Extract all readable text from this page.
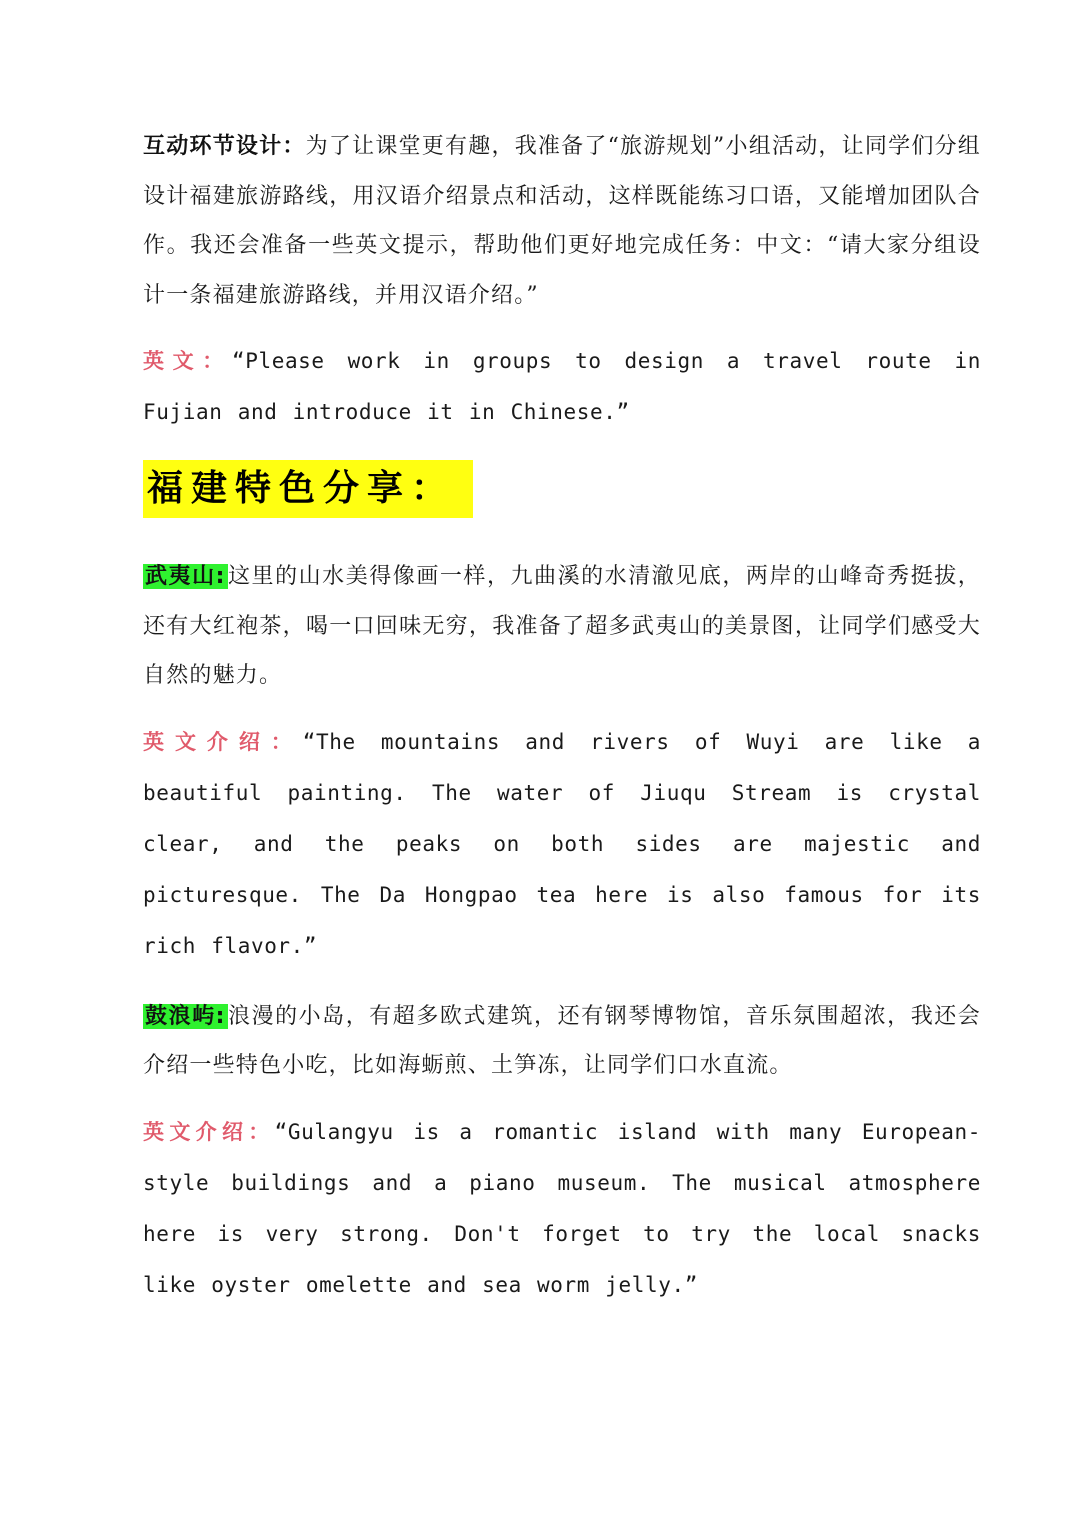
互动环节设计：为了让课堂更有趣，我准备了“旅游规划”小组活动，让同学们分组设计福建旅游路线，用汉语介绍景点和活动，这样既能练习口语，又能增加团队合作。我还会准备一些英文提示，帮助他们更好地完成任务：中文：“请大家分组设计一条福建旅游路线，并用汉语介绍。”

英文：“Please work in groups to design a travel route in Fujian and introduce it in Chinese.”

福建特色分享：

武夷山:这里的山水美得像画一样，九曲溪的水清澈见底，两岸的山峰奇秀挺拔，还有大红袍茶，喝一口回味无穷，我准备了超多武夷山的美景图，让同学们感受大自然的魅力。

英文介绍：“The mountains and rivers of Wuyi are like a beautiful painting. The water of Jiuqu Stream is crystal clear, and the peaks on both sides are majestic and picturesque. The Da Hongpao tea here is also famous for its rich flavor.”

鼓浪屿:浪漫的小岛，有超多欧式建筑，还有钢琴博物馆，音乐氛围超浓，我还会介绍一些特色小吃，比如海蛎煎、土笋冻，让同学们口水直流。

英文介绍：“Gulangyu is a romantic island with many European-style buildings and a piano museum. The musical atmosphere here is very strong. Don't forget to try the local snacks like oyster omelette and sea worm jelly.”
